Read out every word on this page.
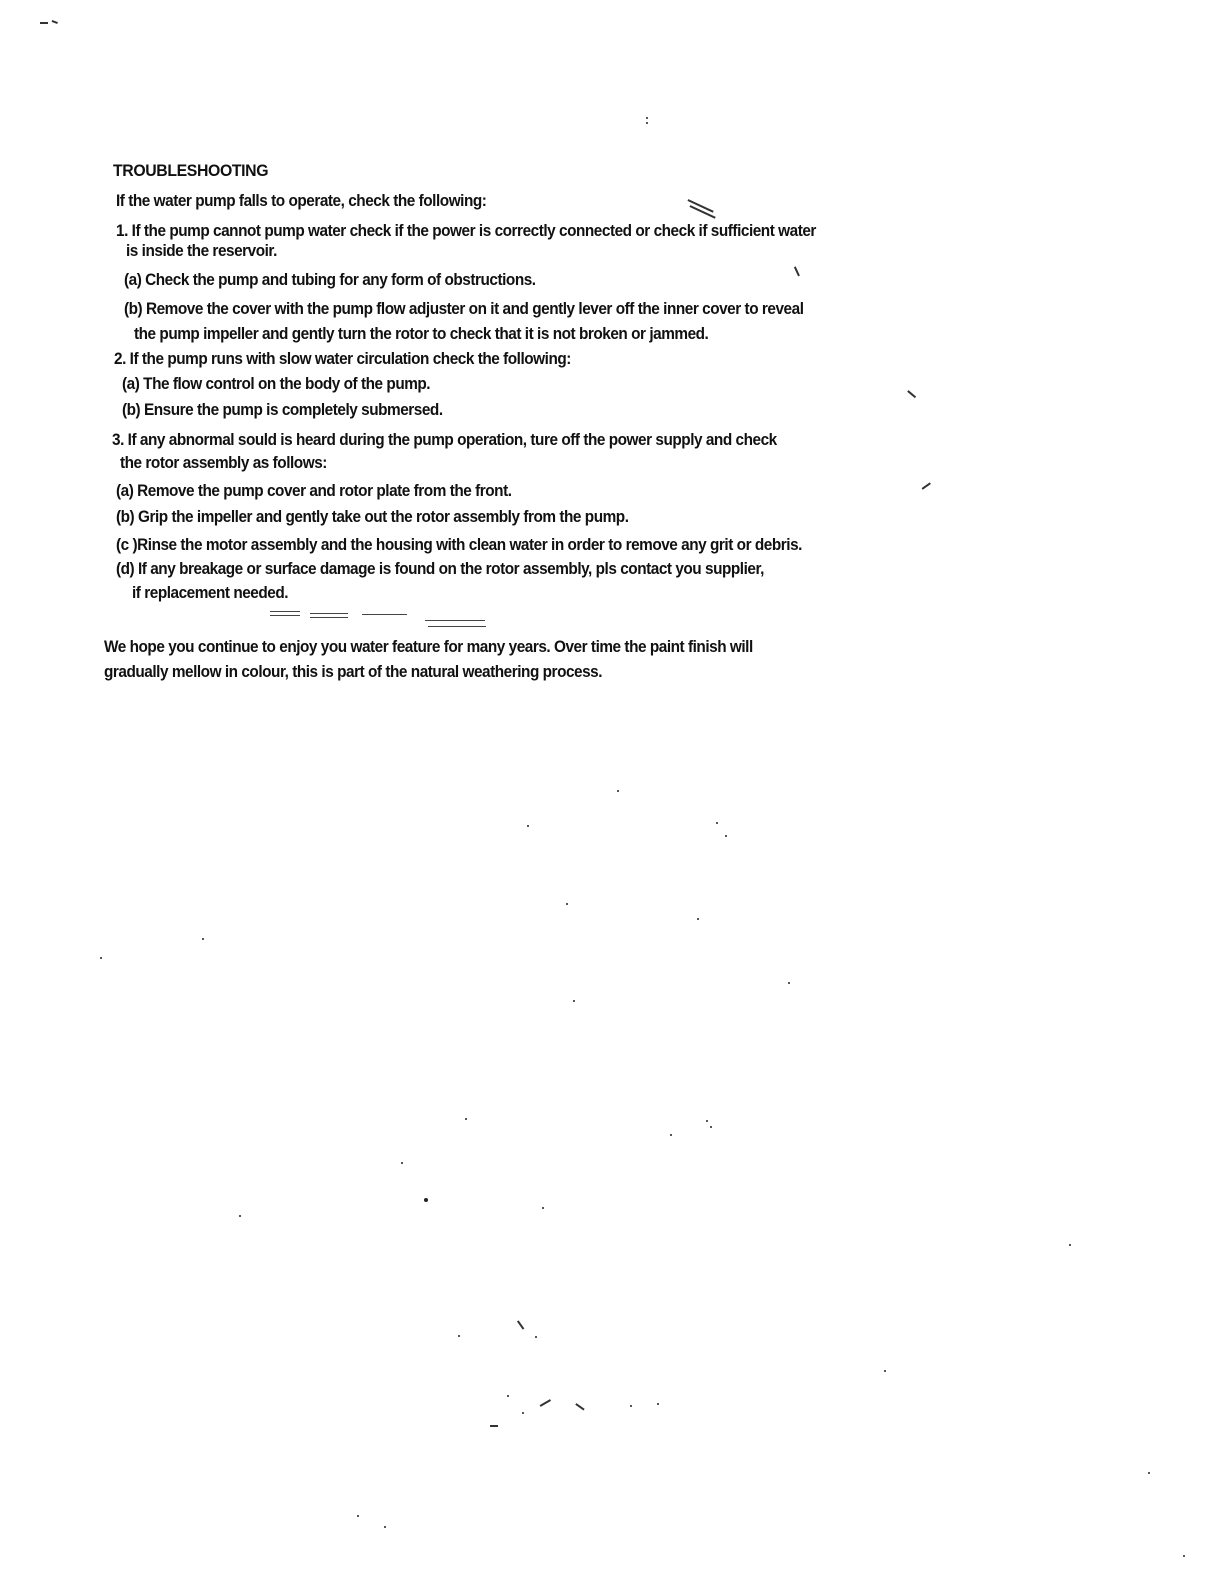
TROUBLESHOOTING
If the water pump falls to operate, check the following:
1. If the pump cannot pump water check if the power is correctly connected or check if sufficient water
is inside the reservoir.
(a) Check the pump and tubing for any form of obstructions.
(b) Remove the cover with the pump flow adjuster on it and gently lever off the inner cover to reveal
the pump impeller and gently turn the rotor to check that it is not broken or jammed.
2. If the pump runs with slow water circulation check the following:
(a) The flow control on the body of the pump.
(b) Ensure the pump is completely submersed.
3. If any abnormal sould is heard during the pump operation, ture off the power supply and check
the rotor assembly as follows:
(a) Remove the pump cover and rotor plate from the front.
(b) Grip the impeller and gently take out the rotor assembly from the pump.
(c )Rinse the motor assembly and the housing with clean water in order to remove any grit or debris.
(d) If any breakage or surface damage is found on the rotor assembly, pls contact you supplier,
if replacement needed.
We hope you continue to enjoy you water feature for many years. Over time the paint finish will
gradually mellow in colour, this is part of the natural weathering process.
